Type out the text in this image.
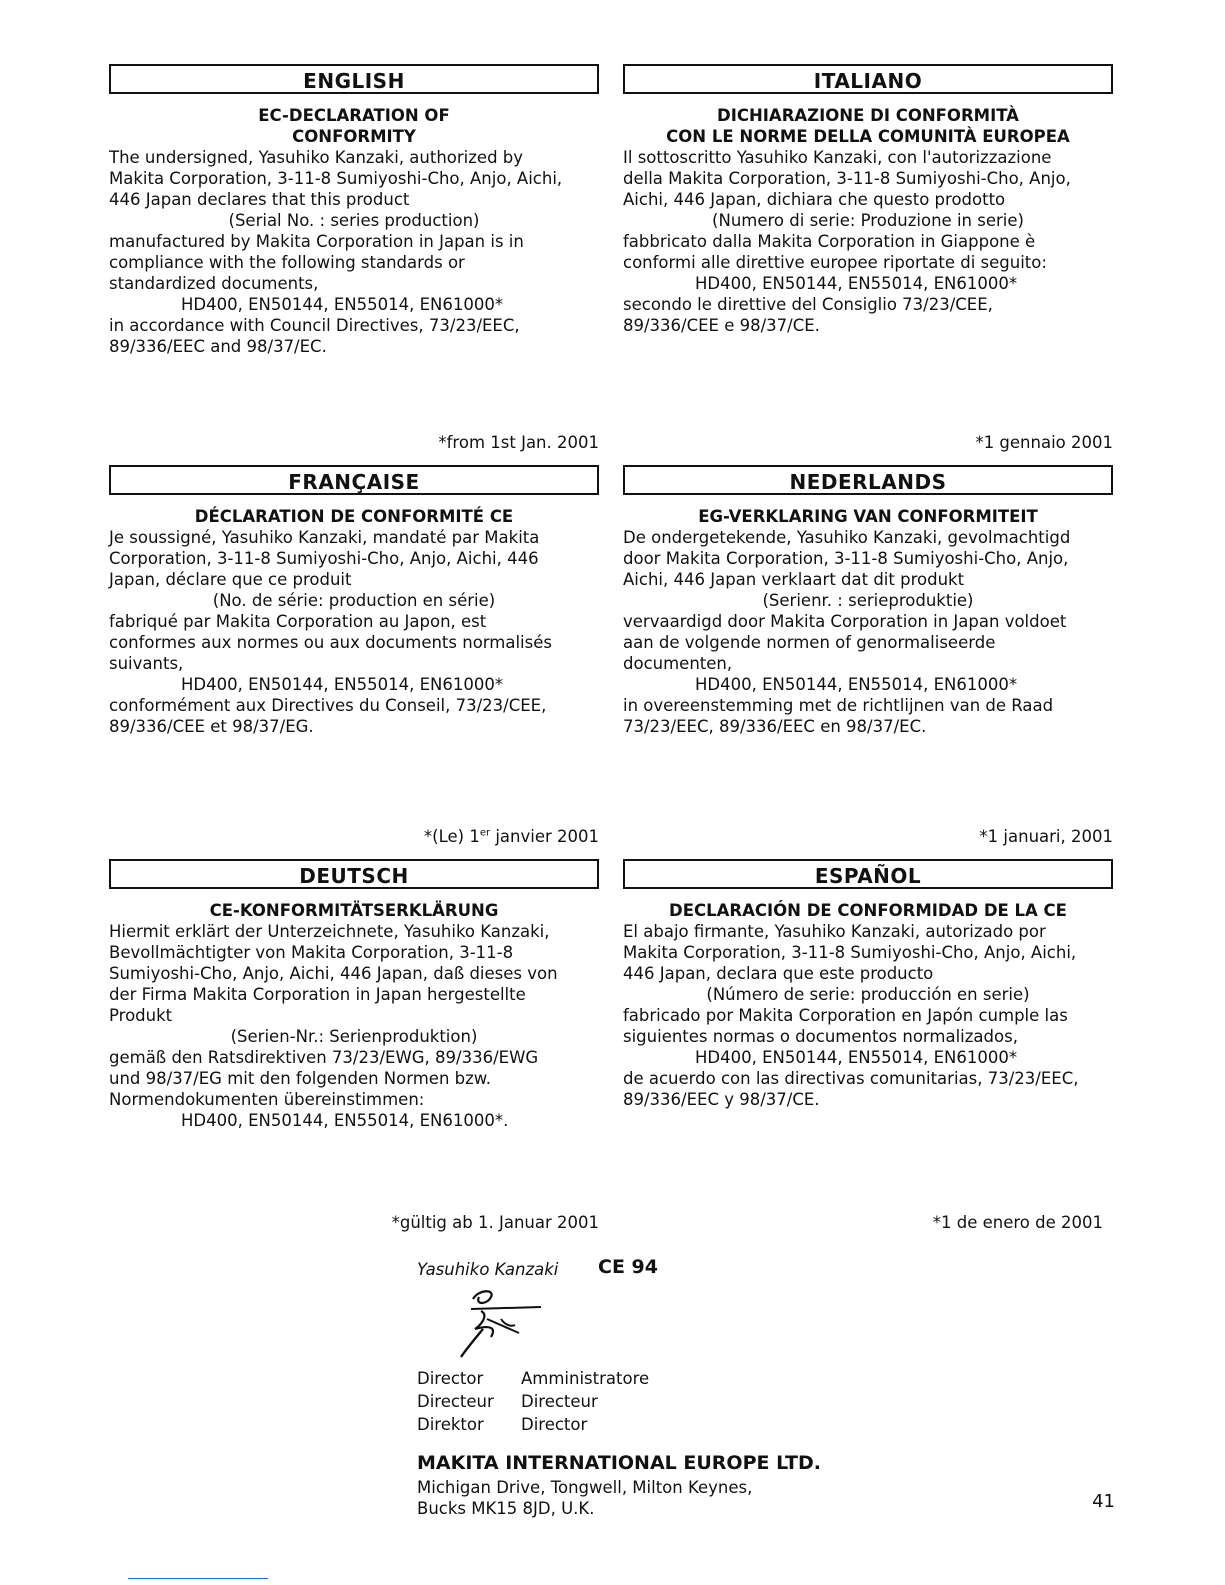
ENGLISH
EC-DECLARATION OF
CONFORMITY
The undersigned, Yasuhiko Kanzaki, authorized by
Makita Corporation, 3-11-8 Sumiyoshi-Cho, Anjo, Aichi,
446 Japan declares that this product
(Serial No. : series production)
manufactured by Makita Corporation in Japan is in
compliance with the following standards or
standardized documents,
HD400, EN50144, EN55014, EN61000*
in accordance with Council Directives, 73/23/EEC,
89/336/EEC and 98/37/EC.
*from 1st Jan. 2001
ITALIANO
DICHIARAZIONE DI CONFORMITÀ
CON LE NORME DELLA COMUNITÀ EUROPEA
Il sottoscritto Yasuhiko Kanzaki, con l'autorizzazione
della Makita Corporation, 3-11-8 Sumiyoshi-Cho, Anjo,
Aichi, 446 Japan, dichiara che questo prodotto
(Numero di serie: Produzione in serie)
fabbricato dalla Makita Corporation in Giappone è
conformi alle direttive europee riportate di seguito:
HD400, EN50144, EN55014, EN61000*
secondo le direttive del Consiglio 73/23/CEE,
89/336/CEE e 98/37/CE.
*1 gennaio 2001
FRANÇAISE
DÉCLARATION DE CONFORMITÉ CE
Je soussigné, Yasuhiko Kanzaki, mandaté par Makita
Corporation, 3-11-8 Sumiyoshi-Cho, Anjo, Aichi, 446
Japan, déclare que ce produit
(No. de série: production en série)
fabriqué par Makita Corporation au Japon, est
conformes aux normes ou aux documents normalisés
suivants,
HD400, EN50144, EN55014, EN61000*
conformément aux Directives du Conseil, 73/23/CEE,
89/336/CEE et 98/37/EG.
*(Le) 1er janvier 2001
NEDERLANDS
EG-VERKLARING VAN CONFORMITEIT
De ondergetekende, Yasuhiko Kanzaki, gevolmachtigd
door Makita Corporation, 3-11-8 Sumiyoshi-Cho, Anjo,
Aichi, 446 Japan verklaart dat dit produkt
(Serienr. : serieproduktie)
vervaardigd door Makita Corporation in Japan voldoet
aan de volgende normen of genormaliseerde
documenten,
HD400, EN50144, EN55014, EN61000*
in overeenstemming met de richtlijnen van de Raad
73/23/EEC, 89/336/EEC en 98/37/EC.
*1 januari, 2001
DEUTSCH
CE-KONFORMITÄTSERKLÄRUNG
Hiermit erklärt der Unterzeichnete, Yasuhiko Kanzaki,
Bevollmächtigter von Makita Corporation, 3-11-8
Sumiyoshi-Cho, Anjo, Aichi, 446 Japan, daß dieses von
der Firma Makita Corporation in Japan hergestellte
Produkt
(Serien-Nr.: Serienproduktion)
gemäß den Ratsdirektiven 73/23/EWG, 89/336/EWG
und 98/37/EG mit den folgenden Normen bzw.
Normendokumenten übereinstimmen:
HD400, EN50144, EN55014, EN61000*.
*gültig ab 1. Januar 2001
ESPAÑOL
DECLARACIÓN DE CONFORMIDAD DE LA CE
El abajo firmante, Yasuhiko Kanzaki, autorizado por
Makita Corporation, 3-11-8 Sumiyoshi-Cho, Anjo, Aichi,
446 Japan, declara que este producto
(Número de serie: producción en serie)
fabricado por Makita Corporation en Japón cumple las
siguientes normas o documentos normalizados,
HD400, EN50144, EN55014, EN61000*
de acuerdo con las directivas comunitarias, 73/23/EEC,
89/336/EEC y 98/37/CE.
*1 de enero de 2001
Yasuhiko Kanzaki CE 94
Director Amministratore
Directeur Directeur
Direktor Director
MAKITA INTERNATIONAL EUROPE LTD.
Michigan Drive, Tongwell, Milton Keynes,
Bucks MK15 8JD, U.K.	41
